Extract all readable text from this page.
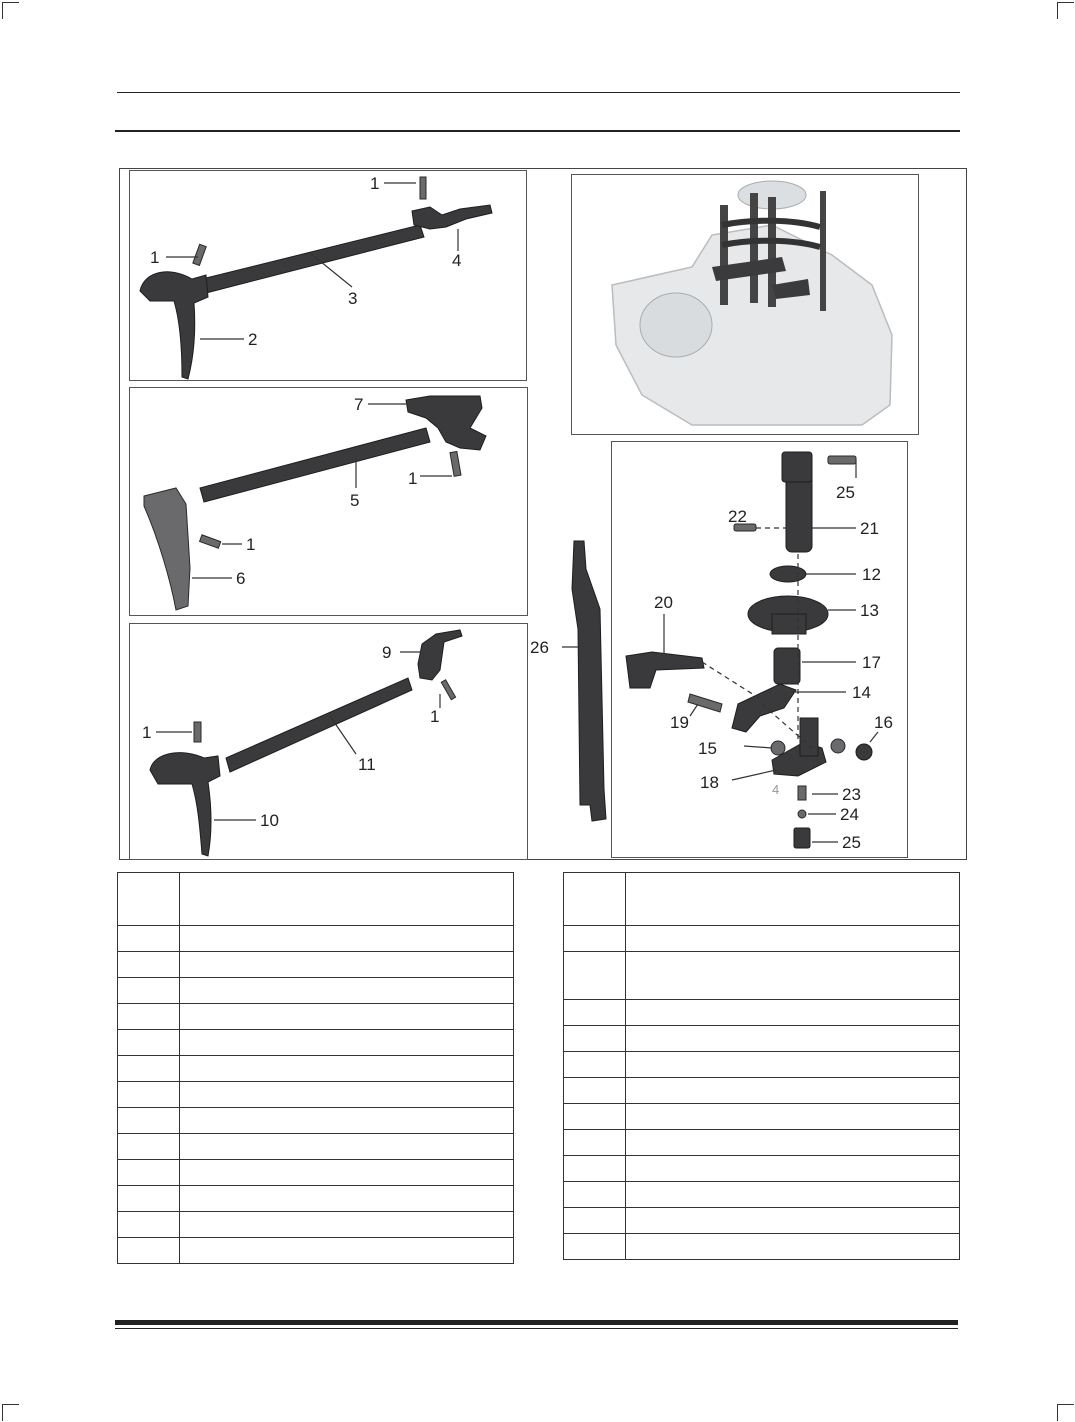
1
1
3
4
2
7
5
1
1
6
9
1
1
11
10
25
22
21
12
13
20
17
14
16
19
15
18	4	23
24
25
26
